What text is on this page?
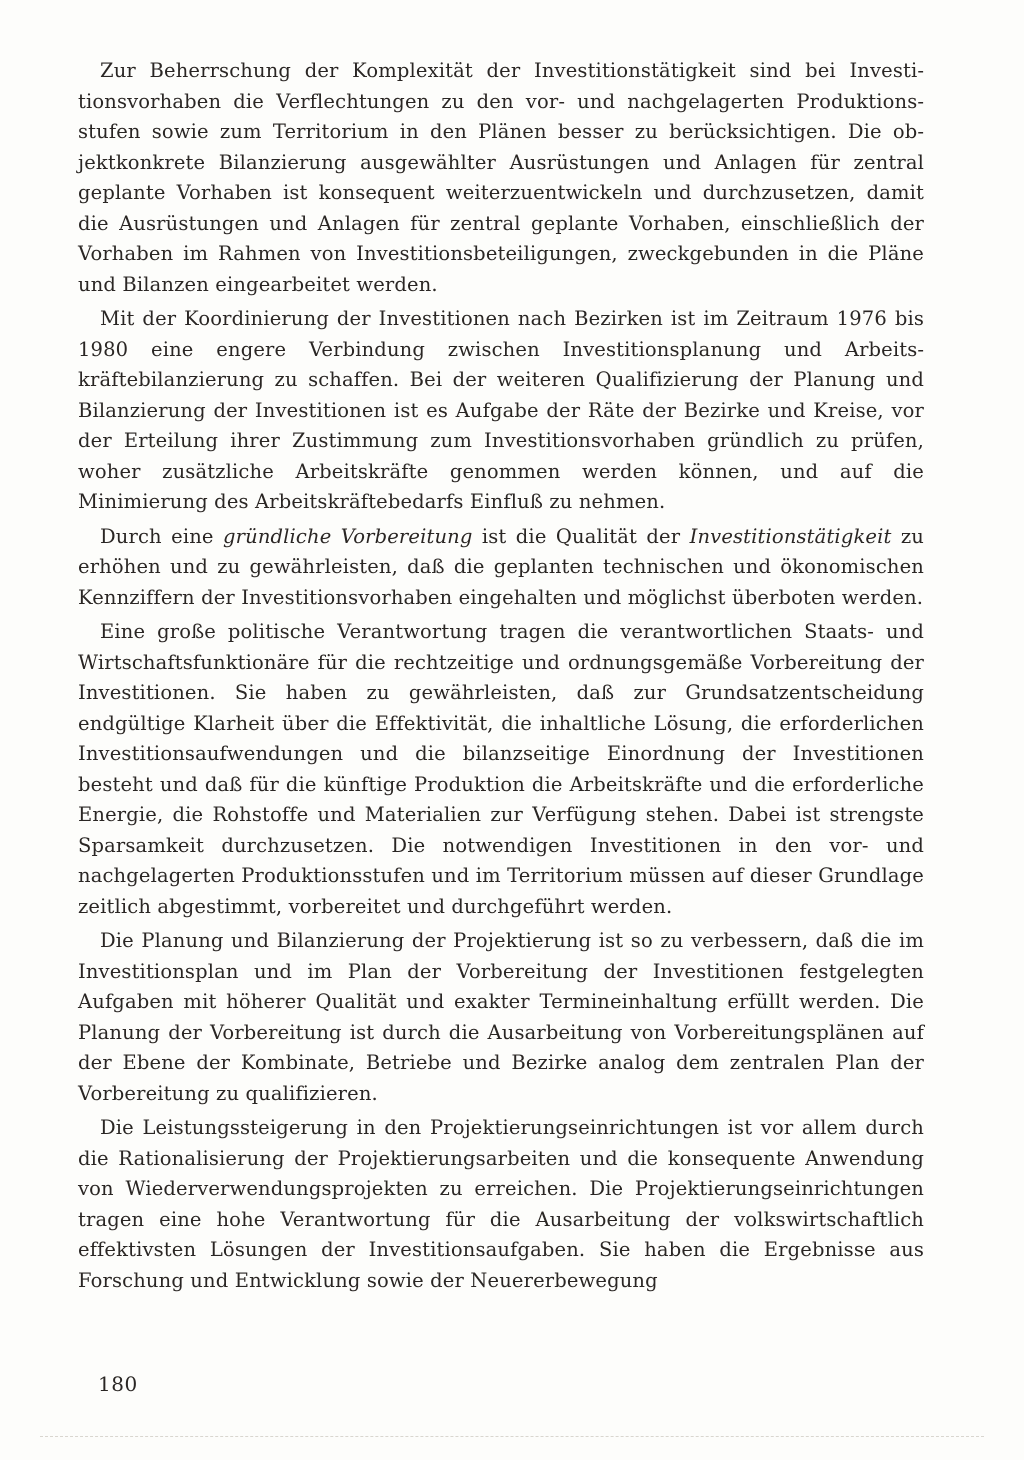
Zur Beherrschung der Komplexität der Investitionstätigkeit sind bei Investitionsvorhaben die Verflechtungen zu den vor- und nachgelagerten Produktionsstufen sowie zum Territorium in den Plänen besser zu berücksichtigen. Die objektkonkrete Bilanzierung ausgewählter Ausrüstungen und Anlagen für zentral geplante Vorhaben ist konsequent weiterzuentwickeln und durchzusetzen, damit die Ausrüstungen und Anlagen für zentral geplante Vorhaben, einschließlich der Vorhaben im Rahmen von Investitionsbeteiligungen, zweckgebunden in die Pläne und Bilanzen eingearbeitet werden.

Mit der Koordinierung der Investitionen nach Bezirken ist im Zeitraum 1976 bis 1980 eine engere Verbindung zwischen Investitionsplanung und Arbeitskräftebilanzierung zu schaffen. Bei der weiteren Qualifizierung der Planung und Bilanzierung der Investitionen ist es Aufgabe der Räte der Bezirke und Kreise, vor der Erteilung ihrer Zustimmung zum Investitionsvorhaben gründlich zu prüfen, woher zusätzliche Arbeitskräfte genommen werden können, und auf die Minimierung des Arbeitskräftebedarfs Einfluß zu nehmen.

Durch eine gründliche Vorbereitung ist die Qualität der Investitionstätigkeit zu erhöhen und zu gewährleisten, daß die geplanten technischen und ökonomischen Kennziffern der Investitionsvorhaben eingehalten und möglichst überboten werden.

Eine große politische Verantwortung tragen die verantwortlichen Staats- und Wirtschaftsfunktionäre für die rechtzeitige und ordnungsgemäße Vorbereitung der Investitionen. Sie haben zu gewährleisten, daß zur Grundsatzentscheidung endgültige Klarheit über die Effektivität, die inhaltliche Lösung, die erforderlichen Investitionsaufwendungen und die bilanzseitige Einordnung der Investitionen besteht und daß für die künftige Produktion die Arbeitskräfte und die erforderliche Energie, die Rohstoffe und Materialien zur Verfügung stehen. Dabei ist strengste Sparsamkeit durchzusetzen. Die notwendigen Investitionen in den vor- und nachgelagerten Produktionsstufen und im Territorium müssen auf dieser Grundlage zeitlich abgestimmt, vorbereitet und durchgeführt werden.

Die Planung und Bilanzierung der Projektierung ist so zu verbessern, daß die im Investitionsplan und im Plan der Vorbereitung der Investitionen festgelegten Aufgaben mit höherer Qualität und exakter Termineinhaltung erfüllt werden. Die Planung der Vorbereitung ist durch die Ausarbeitung von Vorbereitungsplänen auf der Ebene der Kombinate, Betriebe und Bezirke analog dem zentralen Plan der Vorbereitung zu qualifizieren.

Die Leistungssteigerung in den Projektierungseinrichtungen ist vor allem durch die Rationalisierung der Projektierungsarbeiten und die konsequente Anwendung von Wiederverwendungsprojekten zu erreichen. Die Projektierungseinrichtungen tragen eine hohe Verantwortung für die Ausarbeitung der volkswirtschaftlich effektivsten Lösungen der Investitionsaufgaben. Sie haben die Ergebnisse aus Forschung und Entwicklung sowie der Neuererbewegung

180
